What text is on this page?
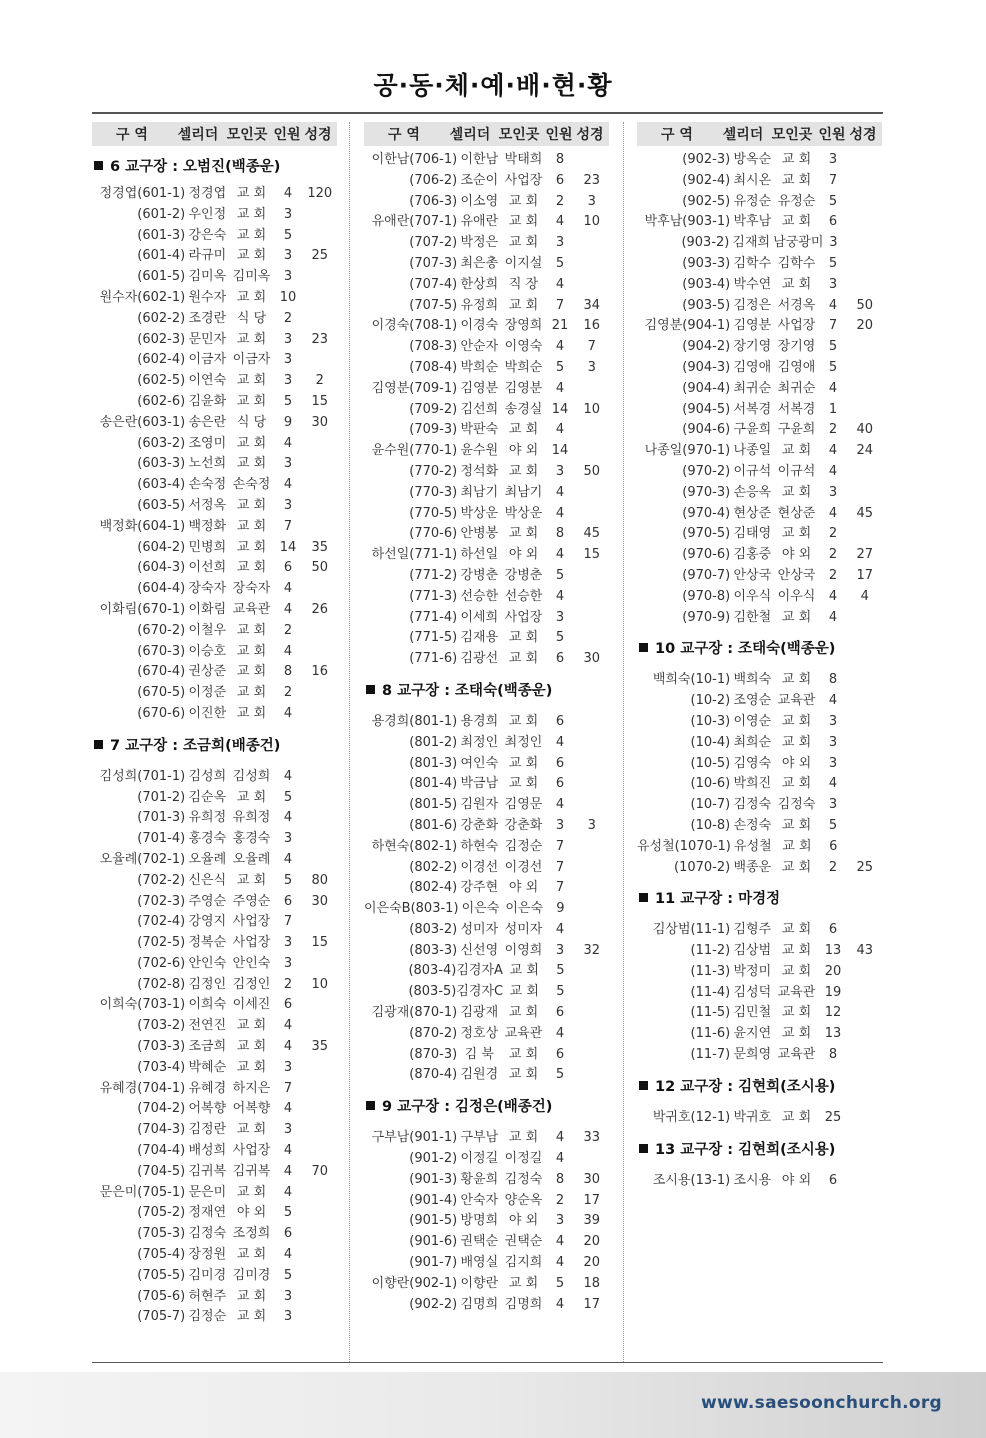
공·동·체·예·배·현·황
구 역	셀리더 모인곳 인원 성경
6 교구장 : 오범진(백종운)
정경엽(601-1) 정경엽 교 회	4	120
(601-2) 우인정 교 회	3
(601-3) 강은숙 교 회	5
(601-4) 라규미 교 회	3	25
(601-5) 김미옥 김미옥	3
원수자(602-1) 원수자 교 회	10
(602-2) 조경란 식 당	2
(602-3) 문민자 교 회	3	23
(602-4) 이금자 이금자	3
(602-5) 이연숙 교 회	3	2
(602-6) 김윤화 교 회	5	15
송은란(603-1) 송은란 식 당	9	30
(603-2) 조영미 교 회	4
(603-3) 노선희 교 회	3
(603-4) 손숙정 손숙정	4
(603-5) 서정옥 교 회	3
백정화(604-1) 백정화 교 회	7
(604-2) 민병희 교 회	14	35
(604-3) 이선희 교 회	6	50
(604-4) 장숙자 장숙자	4
이화림(670-1) 이화림 교육관	4	26
(670-2) 이철우 교 회	2
(670-3) 이승호 교 회	4
(670-4) 권상준 교 회	8	16
(670-5) 이정준 교 회	2
(670-6) 이진한 교 회	4
7 교구장 : 조금희(배종건)
김성희(701-1) 김성희 김성희	4
(701-2) 김순옥 교 회	5
(701-3) 유희정 유희정	4
(701-4) 홍경숙 홍경숙	3
오율례(702-1) 오율례 오율례	4
(702-2) 신은식 교 회	5	80
(702-3) 주영순 주영순	6	30
(702-4) 강영지 사업장	7
(702-5) 정복순 사업장	3	15
(702-6) 안인숙 안인숙	3
(702-8) 김정인 김정인	2	10
이희숙(703-1) 이희숙 이세진	6
(703-2) 전연진 교 회	4
(703-3) 조금희 교 회	4	35
(703-4) 박혜순 교 회	3
유혜경(704-1) 유혜경 하지은	7
(704-2) 어복향 어복향	4
(704-3) 김정란 교 회	3
(704-4) 배성희 사업장	4
(704-5) 김귀복 김귀복	4	70
문은미(705-1) 문은미 교 회	4
(705-2) 정재연 야 외	5
(705-3) 김정숙 조정희	6
(705-4) 장정원 교 회	4
(705-5) 김미경 김미경	5
(705-6) 허현주 교 회	3
(705-7) 김정순 교 회	3
구 역	셀리더 모인곳 인원 성경
이한남(706-1) 이한남 박태희	8
(706-2) 조순이 사업장	6	23
(706-3) 이소영 교 회	2	3
유애란(707-1) 유애란 교 회	4	10
(707-2) 박정은 교 회	3
(707-3) 최은총 이지설	5
(707-4) 한상희 직 장	4
(707-5) 유정희 교 회	7	34
이경숙(708-1) 이경숙 장영희 21	16
(708-3) 안순자 이영숙	4	7
(708-4) 박희순 박희순	5	3
김영분(709-1) 김영분 김영분	4
(709-2) 김선희 송경실 14	10
(709-3) 박판숙 교 회	4
윤수원(770-1) 윤수원 야 외	14
(770-2) 정석화 교 회	3	50
(770-3) 최남기 최남기	4
(770-5) 박상운 박상운	4
(770-6) 안병봉 교 회	8	45
하선일(771-1) 하선일 야 외	4	15
(771-2) 강병춘 강병춘	5
(771-3) 선승한 선승한	4
(771-4) 이세희 사업장	3
(771-5) 김재용 교 회	5
(771-6) 김광선 교 회	6	30
8 교구장 : 조태숙(백종운)
용경희(801-1) 용경희 교 회	6
(801-2) 최정인 최정인	4
(801-3) 여인숙 교 회	6
(801-4) 박금남 교 회	6
(801-5) 김원자 김영문	4
(801-6) 강춘화 강춘화	3	3
하현숙(802-1) 하현숙 김정순	7
(802-2) 이경선 이경선	7
(802-4) 강주현 야 외	7
이은숙B(803-1) 이은숙 이은숙	9
(803-2) 성미자 성미자	4
(803-3) 신선영 이영희	3	32
(803-4) 김경자A 교 회	5
(803-5) 김경자C 교 회	5
김광재(870-1) 김광재 교 회	6
(870-2) 정호상 교육관	4
(870-3) 김 북	교 회	6
(870-4) 김원경 교 회	5
9 교구장 : 김정은(배종건)
구부남(901-1) 구부남 교 회	4	33
(901-2) 이정길 이정길	4
(901-3) 황윤희 김정숙	8	30
(901-4) 안숙자 양순옥	2	17
(901-5) 방명희 야 외	3	39
(901-6) 권택순 권택순	4	20
(901-7) 배영실 김지희	4	20
이향란(902-1) 이향란 교 회	5	18
(902-2) 김명희 김명희	4	17
구 역	셀리더 모인곳 인원 성경
(902-3) 방옥순 교 회	3
(902-4) 최시온 교 회	7
(902-5) 유정순 유정순	5
박후남(903-1) 박후남 교 회	6
(903-2) 김재희 남궁광미 3
(903-3) 김학수 김학수	5
(903-4) 박수연 교 회	3
(903-5) 김정은 서경옥	4	50
김영분(904-1) 김영분 사업장	7	20
(904-2) 장기영 장기영	5
(904-3) 김영애 김영애	5
(904-4) 최귀순 최귀순	4
(904-5) 서복경 서복경	1
(904-6) 구윤희 구윤희	2	40
나종일(970-1) 나종일 교 회	4	24
(970-2) 이규석 이규석	4
(970-3) 손응옥 교 회	3
(970-4) 현상준 현상준	4	45
(970-5) 김태영 교 회	2
(970-6) 김홍중 야 외	2	27
(970-7) 안상국 안상국	2	17
(970-8) 이우식 이우식	4	4
(970-9) 김한철 교 회	4
10 교구장 : 조태숙(백종운)
백희숙(10-1) 백희숙 교 회	8
(10-2) 조영순 교육관	4
(10-3) 이영순 교 회	3
(10-4) 최희순 교 회	3
(10-5) 김영숙 야 외	3
(10-6) 박희진 교 회	4
(10-7) 김정숙 김정숙	3
(10-8) 손정숙 교 회	5
유성철(1070-1) 유성철 교 회	6
(1070-2) 백종운 교 회	2	25
11 교구장 : 마경정
김상범(11-1) 김형주 교 회	6
(11-2) 김상범 교 회	13	43
(11-3) 박정미 교 회	20
(11-4) 김성덕 교육관 19
(11-5) 김민철 교 회	12
(11-6) 윤지연 교 회	13
(11-7) 문희영 교육관	8
12 교구장 : 김현희(조시용)
박귀호(12-1) 박귀호 교 회	25
13 교구장 : 김현희(조시용)
조시용(13-1) 조시용 야 외	6
www.saesoonchurch.org
